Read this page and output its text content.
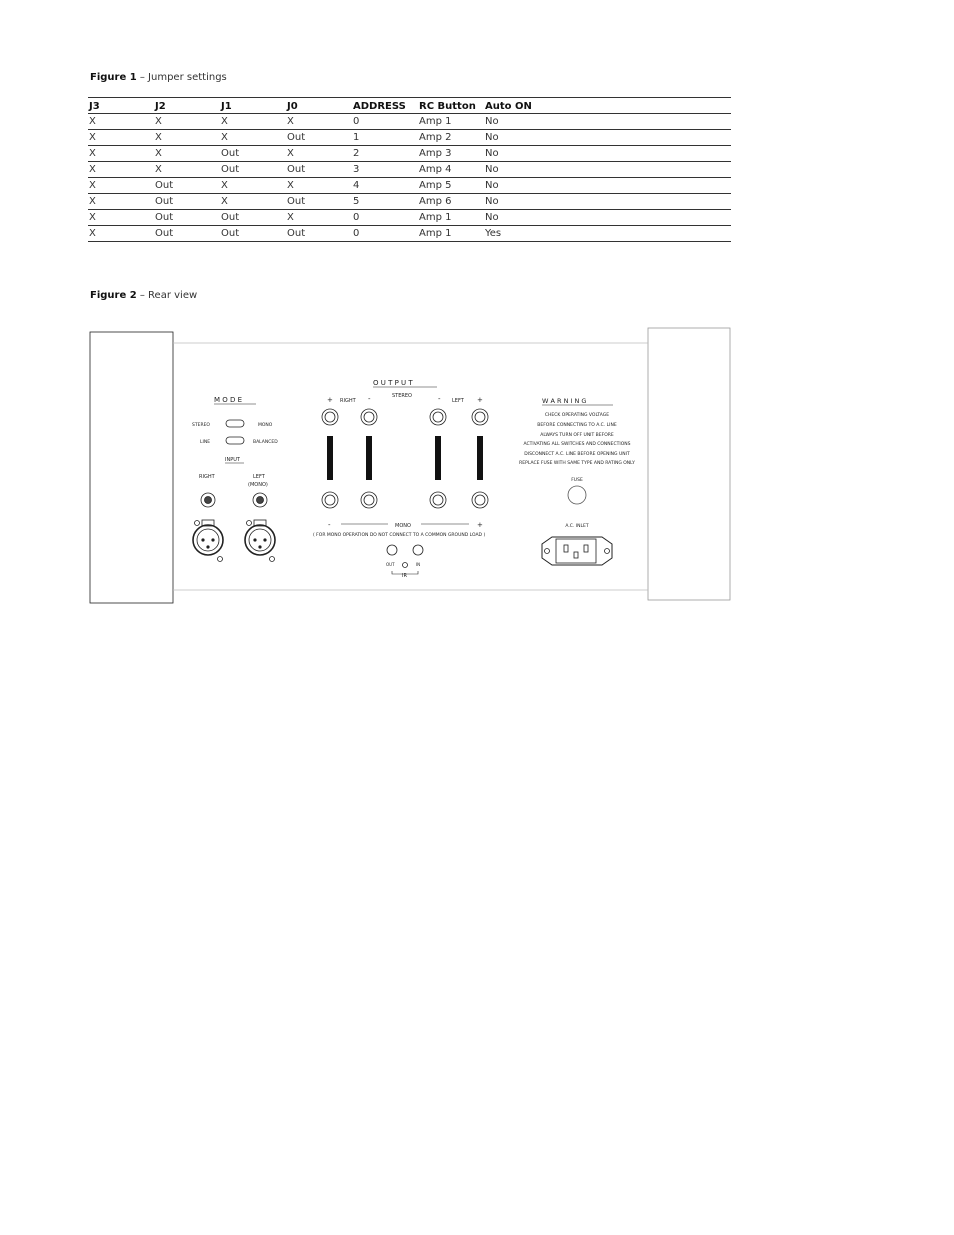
Figure 1 – Jumper settings
J3	J2	J1	J0	ADDRESS	RC Button	Auto ON
X	X	X	X	0	Amp 1	No
X	X	X	Out	1	Amp 2	No
X	X	Out	X	2	Amp 3	No
X	X	Out	Out	3	Amp 4	No
X	Out	X	X	4	Amp 5	No
X	Out	X	Out	5	Amp 6	No
X	Out	Out	X	0	Amp 1	No
X	Out	Out	Out	0	Amp 1	Yes
Figure 2 – Rear view
M O D E
STEREO	MONO
LINE	BALANCED
INPUT
RIGHT	LEFT
(MONO)
O U T P U T
STEREO
+ RIGHT -	- LEFT +
-	MONO	+
( FOR MONO OPERATION DO NOT CONNECT TO A COMMON GROUND LOAD )
OUT	IN
IR
W A R N I N G
CHECK OPERATING VOLTAGE
BEFORE CONNECTING TO A.C. LINE
ALWAYS TURN OFF UNIT BEFORE
ACTIVATING ALL SWITCHES AND CONNECTIONS
DISCONNECT A.C. LINE BEFORE OPENING UNIT
REPLACE FUSE WITH SAME TYPE AND RATING ONLY
FUSE
A.C. INLET
